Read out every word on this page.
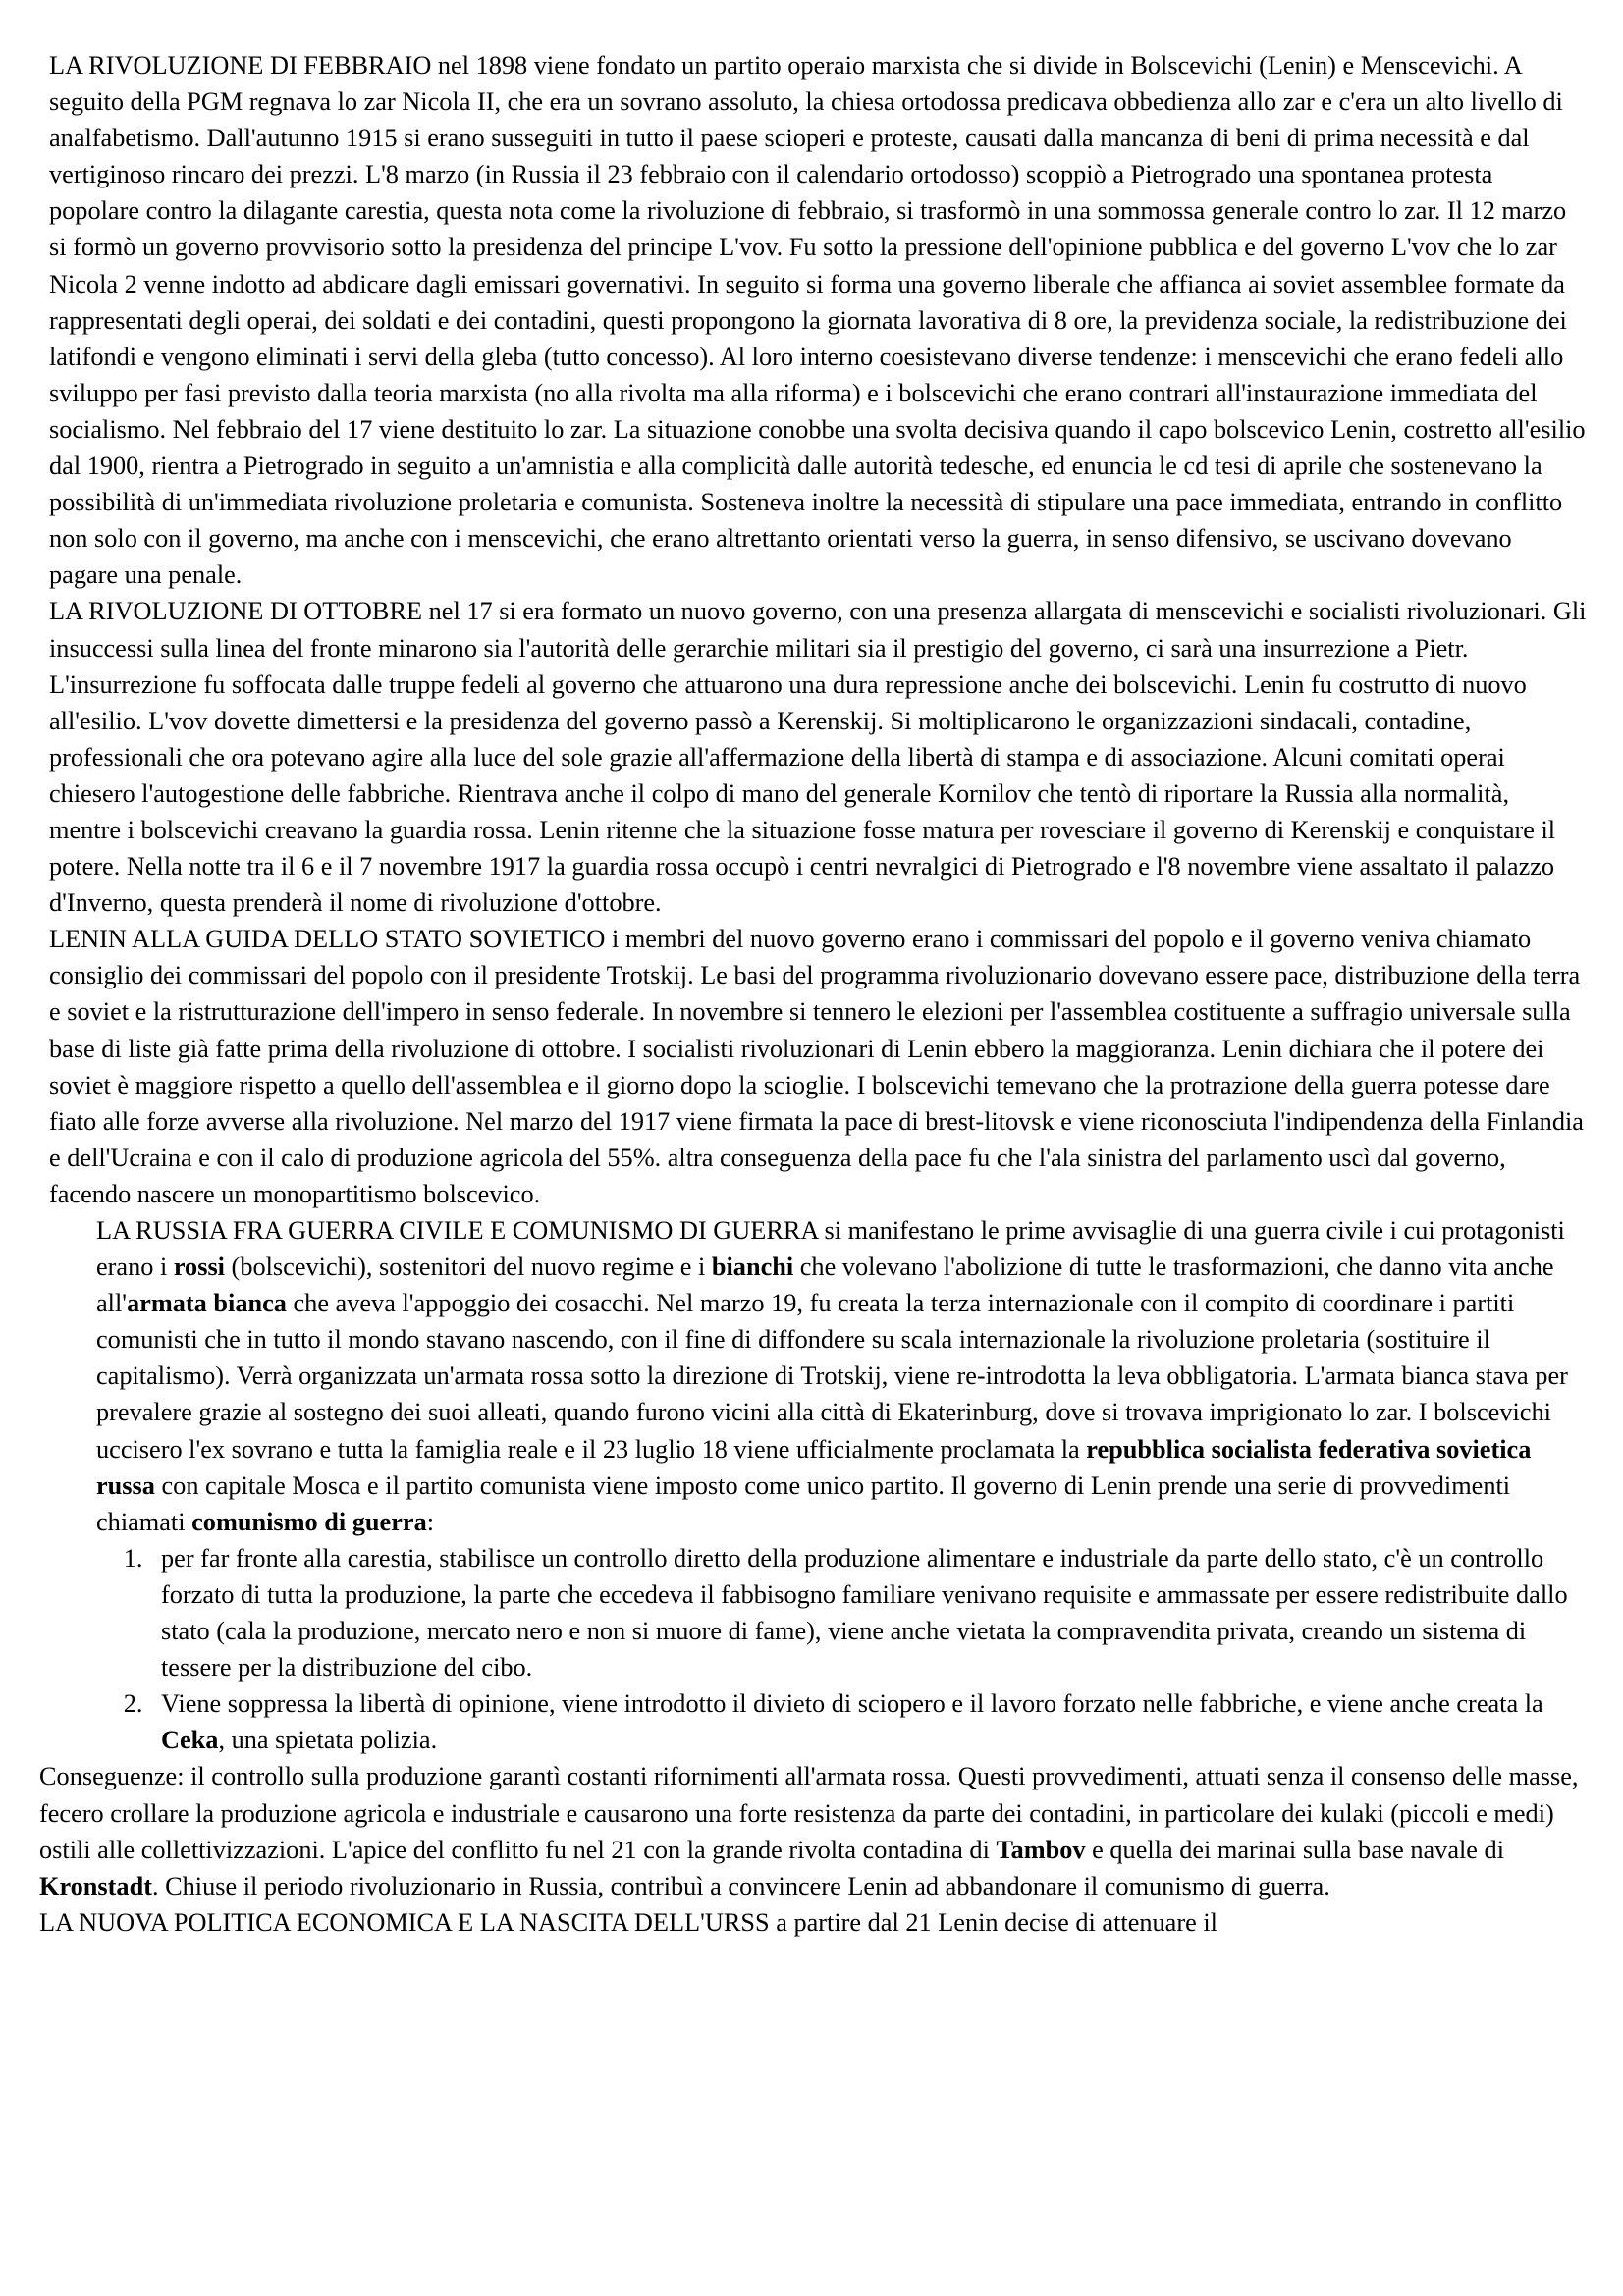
LA RIVOLUZIONE DI FEBBRAIO nel 1898 viene fondato un partito operaio marxista che si divide in Bolscevichi (Lenin) e Menscevichi. A seguito della PGM regnava lo zar Nicola II, che era un sovrano assoluto, la chiesa ortodossa predicava obbedienza allo zar e c'era un alto livello di analfabetismo. Dall'autunno 1915 si erano susseguiti in tutto il paese scioperi e proteste, causati dalla mancanza di beni di prima necessità e dal vertiginoso rincaro dei prezzi. L'8 marzo (in Russia il 23 febbraio con il calendario ortodosso) scoppiò a Pietrogrado una spontanea protesta popolare contro la dilagante carestia, questa nota come la rivoluzione di febbraio, si trasformò in una sommossa generale contro lo zar. Il 12 marzo si formò un governo provvisorio sotto la presidenza del principe L'vov. Fu sotto la pressione dell'opinione pubblica e del governo L'vov che lo zar Nicola 2 venne indotto ad abdicare dagli emissari governativi. In seguito si forma una governo liberale che affianca ai soviet assemblee formate da rappresentati degli operai, dei soldati e dei contadini, questi propongono la giornata lavorativa di 8 ore, la previdenza sociale, la redistribuzione dei latifondi e vengono eliminati i servi della gleba (tutto concesso). Al loro interno coesistevano diverse tendenze: i menscevichi che erano fedeli allo sviluppo per fasi previsto dalla teoria marxista (no alla rivolta ma alla riforma) e i bolscevichi che erano contrari all'instaurazione immediata del socialismo. Nel febbraio del 17 viene destituito lo zar. La situazione conobbe una svolta decisiva quando il capo bolscevico Lenin, costretto all'esilio dal 1900, rientra a Pietrogrado in seguito a un'amnistia e alla complicità dalle autorità tedesche, ed enuncia le cd tesi di aprile che sostenevano la possibilità di un'immediata rivoluzione proletaria e comunista. Sosteneva inoltre la necessità di stipulare una pace immediata, entrando in conflitto non solo con il governo, ma anche con i menscevichi, che erano altrettanto orientati verso la guerra, in senso difensivo, se uscivano dovevano pagare una penale.

LA RIVOLUZIONE DI OTTOBRE nel 17 si era formato un nuovo governo, con una presenza allargata di menscevichi e socialisti rivoluzionari. Gli insuccessi sulla linea del fronte minarono sia l'autorità delle gerarchie militari sia il prestigio del governo, ci sarà una insurrezione a Pietr. L'insurrezione fu soffocata dalle truppe fedeli al governo che attuarono una dura repressione anche dei bolscevichi. Lenin fu costrutto di nuovo all'esilio. L'vov dovette dimettersi e la presidenza del governo passò a Kerenskij. Si moltiplicarono le organizzazioni sindacali, contadine, professionali che ora potevano agire alla luce del sole grazie all'affermazione della libertà di stampa e di associazione. Alcuni comitati operai chiesero l'autogestione delle fabbriche. Rientrava anche il colpo di mano del generale Kornilov che tentò di riportare la Russia alla normalità, mentre i bolscevichi creavano la guardia rossa. Lenin ritenne che la situazione fosse matura per rovesciare il governo di Kerenskij e conquistare il potere. Nella notte tra il 6 e il 7 novembre 1917 la guardia rossa occupò i centri nevralgici di Pietrogrado e l'8 novembre viene assaltato il palazzo d'Inverno, questa prenderà il nome di rivoluzione d'ottobre.

LENIN ALLA GUIDA DELLO STATO SOVIETICO i membri del nuovo governo erano i commissari del popolo e il governo veniva chiamato consiglio dei commissari del popolo con il presidente Trotskij. Le basi del programma rivoluzionario dovevano essere pace, distribuzione della terra e soviet e la ristrutturazione dell'impero in senso federale. In novembre si tennero le elezioni per l'assemblea costituente a suffragio universale sulla base di liste già fatte prima della rivoluzione di ottobre. I socialisti rivoluzionari di Lenin ebbero la maggioranza. Lenin dichiara che il potere dei soviet è maggiore rispetto a quello dell'assemblea e il giorno dopo la scioglie. I bolscevichi temevano che la protrazione della guerra potesse dare fiato alle forze avverse alla rivoluzione. Nel marzo del 1917 viene firmata la pace di brest-litovsk e viene riconosciuta l'indipendenza della Finlandia e dell'Ucraina e con il calo di produzione agricola del 55%. altra conseguenza della pace fu che l'ala sinistra del parlamento uscì dal governo, facendo nascere un monopartitismo bolscevico.

LA RUSSIA FRA GUERRA CIVILE E COMUNISMO DI GUERRA si manifestano le prime avvisaglie di una guerra civile i cui protagonisti erano i rossi (bolscevichi), sostenitori del nuovo regime e i bianchi che volevano l'abolizione di tutte le trasformazioni, che danno vita anche all'armata bianca che aveva l'appoggio dei cosacchi. Nel marzo 19, fu creata la terza internazionale con il compito di coordinare i partiti comunisti che in tutto il mondo stavano nascendo, con il fine di diffondere su scala internazionale la rivoluzione proletaria (sostituire il capitalismo). Verrà organizzata un'armata rossa sotto la direzione di Trotskij, viene re-introdotta la leva obbligatoria. L'armata bianca stava per prevalere grazie al sostegno dei suoi alleati, quando furono vicini alla città di Ekaterinburg, dove si trovava imprigionato lo zar. I bolscevichi uccisero l'ex sovrano e tutta la famiglia reale e il 23 luglio 18 viene ufficialmente proclamata la repubblica socialista federativa sovietica russa con capitale Mosca e il partito comunista viene imposto come unico partito. Il governo di Lenin prende una serie di provvedimenti chiamati comunismo di guerra:

1. per far fronte alla carestia, stabilisce un controllo diretto della produzione alimentare e industriale da parte dello stato, c'è un controllo forzato di tutta la produzione, la parte che eccedeva il fabbisogno familiare venivano requisite e ammassate per essere redistribuite dallo stato (cala la produzione, mercato nero e non si muore di fame), viene anche vietata la compravendita privata, creando un sistema di tessere per la distribuzione del cibo.
2. Viene soppressa la libertà di opinione, viene introdotto il divieto di sciopero e il lavoro forzato nelle fabbriche, e viene anche creata la Ceka, una spietata polizia.

Conseguenze: il controllo sulla produzione garantì costanti rifornimenti all'armata rossa. Questi provvedimenti, attuati senza il consenso delle masse, fecero crollare la produzione agricola e industriale e causarono una forte resistenza da parte dei contadini, in particolare dei kulaki (piccoli e medi) ostili alle collettivizzazioni. L'apice del conflitto fu nel 21 con la grande rivolta contadina di Tambov e quella dei marinai sulla base navale di Kronstadt. Chiuse il periodo rivoluzionario in Russia, contribuì a convincere Lenin ad abbandonare il comunismo di guerra.

LA NUOVA POLITICA ECONOMICA E LA NASCITA DELL'URSS a partire dal 21 Lenin decise di attenuare il
